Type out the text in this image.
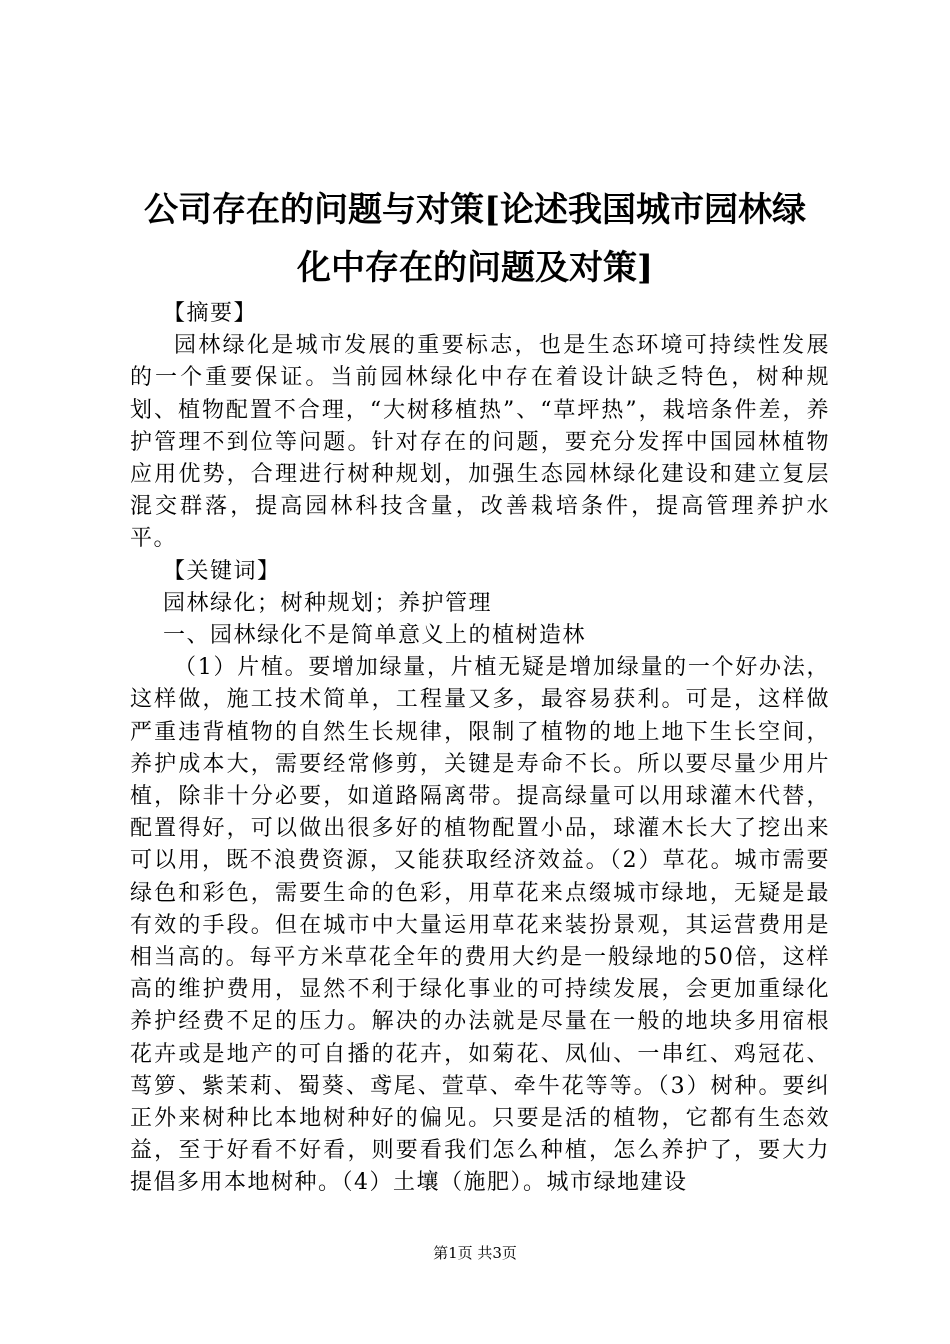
公司存在的问题与对策[论述我国城市园林绿
化中存在的问题及对策]

【摘要】

园林绿化是城市发展的重要标志，也是生态环境可持续性发展的一个重要保证。当前园林绿化中存在着设计缺乏特色，树种规划、植物配置不合理，“大树移植热”、“草坪热”，栽培条件差，养护管理不到位等问题。针对存在的问题，要充分发挥中国园林植物应用优势，合理进行树种规划，加强生态园林绿化建设和建立复层混交群落，提高园林科技含量，改善栽培条件，提高管理养护水平。

【关键词】

园林绿化；树种规划；养护管理

一、园林绿化不是简单意义上的植树造林

（1）片植。要增加绿量，片植无疑是增加绿量的一个好办法，这样做，施工技术简单，工程量又多，最容易获利。可是，这样做严重违背植物的自然生长规律，限制了植物的地上地下生长空间，养护成本大，需要经常修剪，关键是寿命不长。所以要尽量少用片植，除非十分必要，如道路隔离带。提高绿量可以用球灌木代替，配置得好，可以做出很多好的植物配置小品，球灌木长大了挖出来可以用，既不浪费资源，又能获取经济效益。（2）草花。城市需要绿色和彩色，需要生命的色彩，用草花来点缀城市绿地，无疑是最有效的手段。但在城市中大量运用草花来装扮景观，其运营费用是相当高的。每平方米草花全年的费用大约是一般绿地的50倍，这样高的维护费用，显然不利于绿化事业的可持续发展，会更加重绿化养护经费不足的压力。解决的办法就是尽量在一般的地块多用宿根花卉或是地产的可自播的花卉，如菊花、凤仙、一串红、鸡冠花、茑箩、紫茉莉、蜀葵、鸢尾、萱草、牵牛花等等。（3）树种。要纠正外来树种比本地树种好的偏见。只要是活的植物，它都有生态效益，至于好看不好看，则要看我们怎么种植，怎么养护了，要大力提倡多用本地树种。（4）土壤（施肥）。城市绿地建设

第1页 共3页
